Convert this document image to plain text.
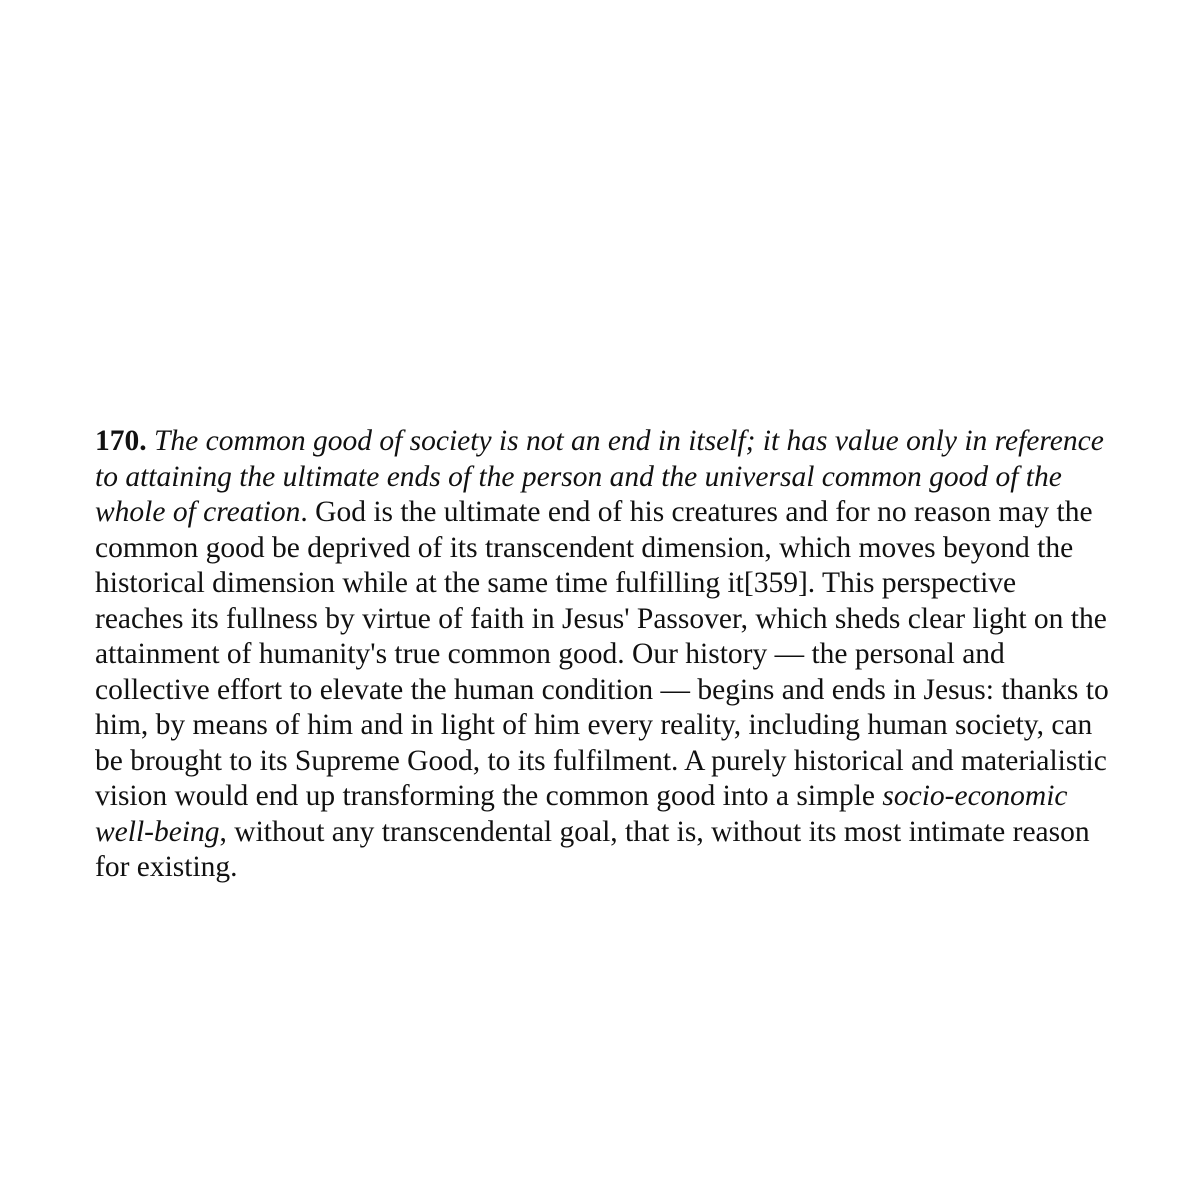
170. The common good of society is not an end in itself; it has value only in reference to attaining the ultimate ends of the person and the universal common good of the whole of creation. God is the ultimate end of his creatures and for no reason may the common good be deprived of its transcendent dimension, which moves beyond the historical dimension while at the same time fulfilling it[359]. This perspective reaches its fullness by virtue of faith in Jesus' Passover, which sheds clear light on the attainment of humanity's true common good. Our history — the personal and collective effort to elevate the human condition — begins and ends in Jesus: thanks to him, by means of him and in light of him every reality, including human society, can be brought to its Supreme Good, to its fulfilment. A purely historical and materialistic vision would end up transforming the common good into a simple socio-economic well-being, without any transcendental goal, that is, without its most intimate reason for existing.
